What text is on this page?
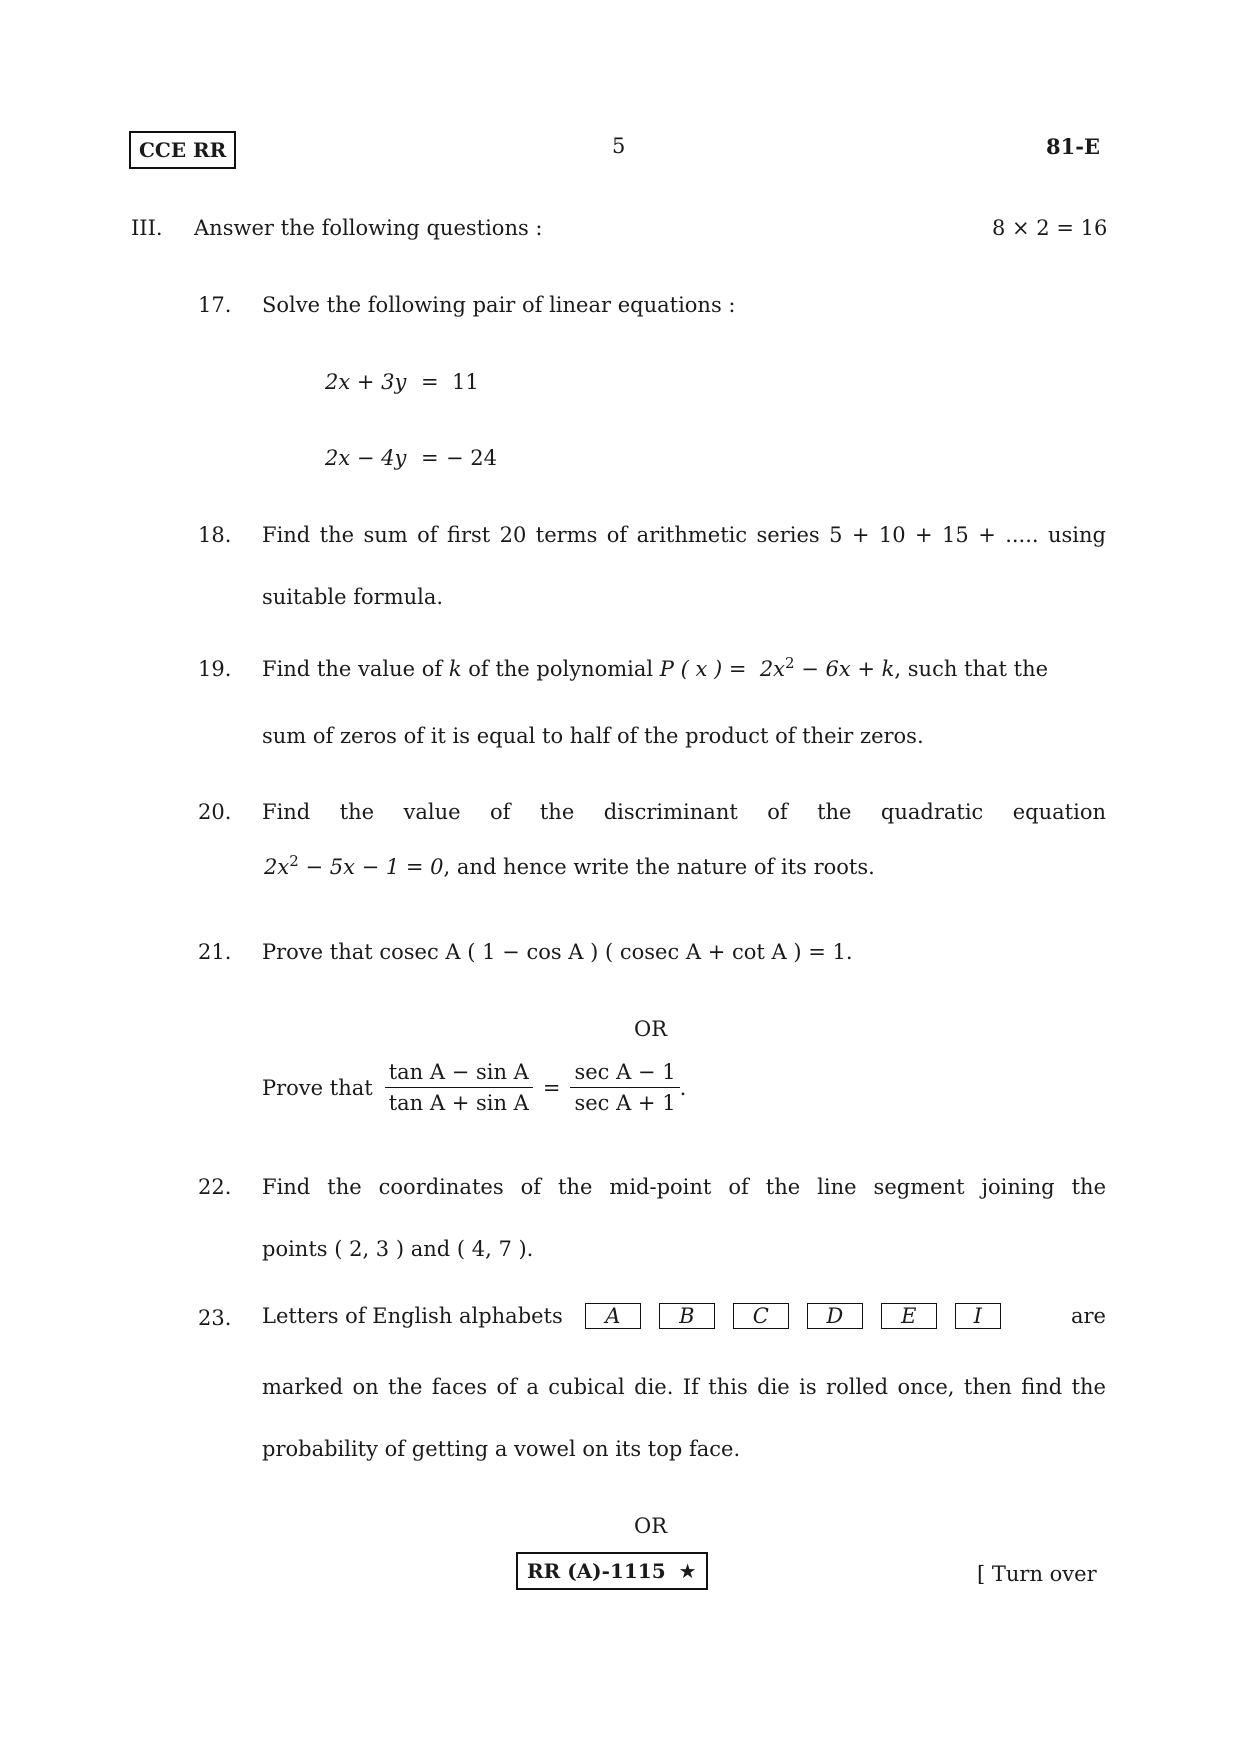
CCE RR	5	81-E
III. Answer the following questions :	8 × 2 = 16
17. Solve the following pair of linear equations :
2x + 3y = 11
2x − 4y = − 24
18. Find the sum of first 20 terms of arithmetic series 5 + 10 + 15 + ..... using
suitable formula.
19. Find the value of k of the polynomial P ( x ) = $2x^2 - 6x + k$, such that the
sum of zeros of it is equal to half of the product of their zeros.
20. Find the value of the discriminant of the quadratic equation
$2x^2 - 5x - 1 = 0$, and hence write the nature of its roots.
21. Prove that cosec A ( 1 − cos A ) ( cosec A + cot A ) = 1.
OR
Prove that $\frac{\text{tan A − sin A}}{\text{tan A + sin A}} = \frac{\text{sec A − 1}}{\text{sec A + 1}}$ .
22. Find the coordinates of the mid-point of the line segment joining the
points ( 2, 3 ) and ( 4, 7 ).
23. Letters of English alphabets	A	B	C	D	E	I	are
marked on the faces of a cubical die. If this die is rolled once, then find the
probability of getting a vowel on its top face.
OR
RR (A)-1115 ★	[ Turn over
